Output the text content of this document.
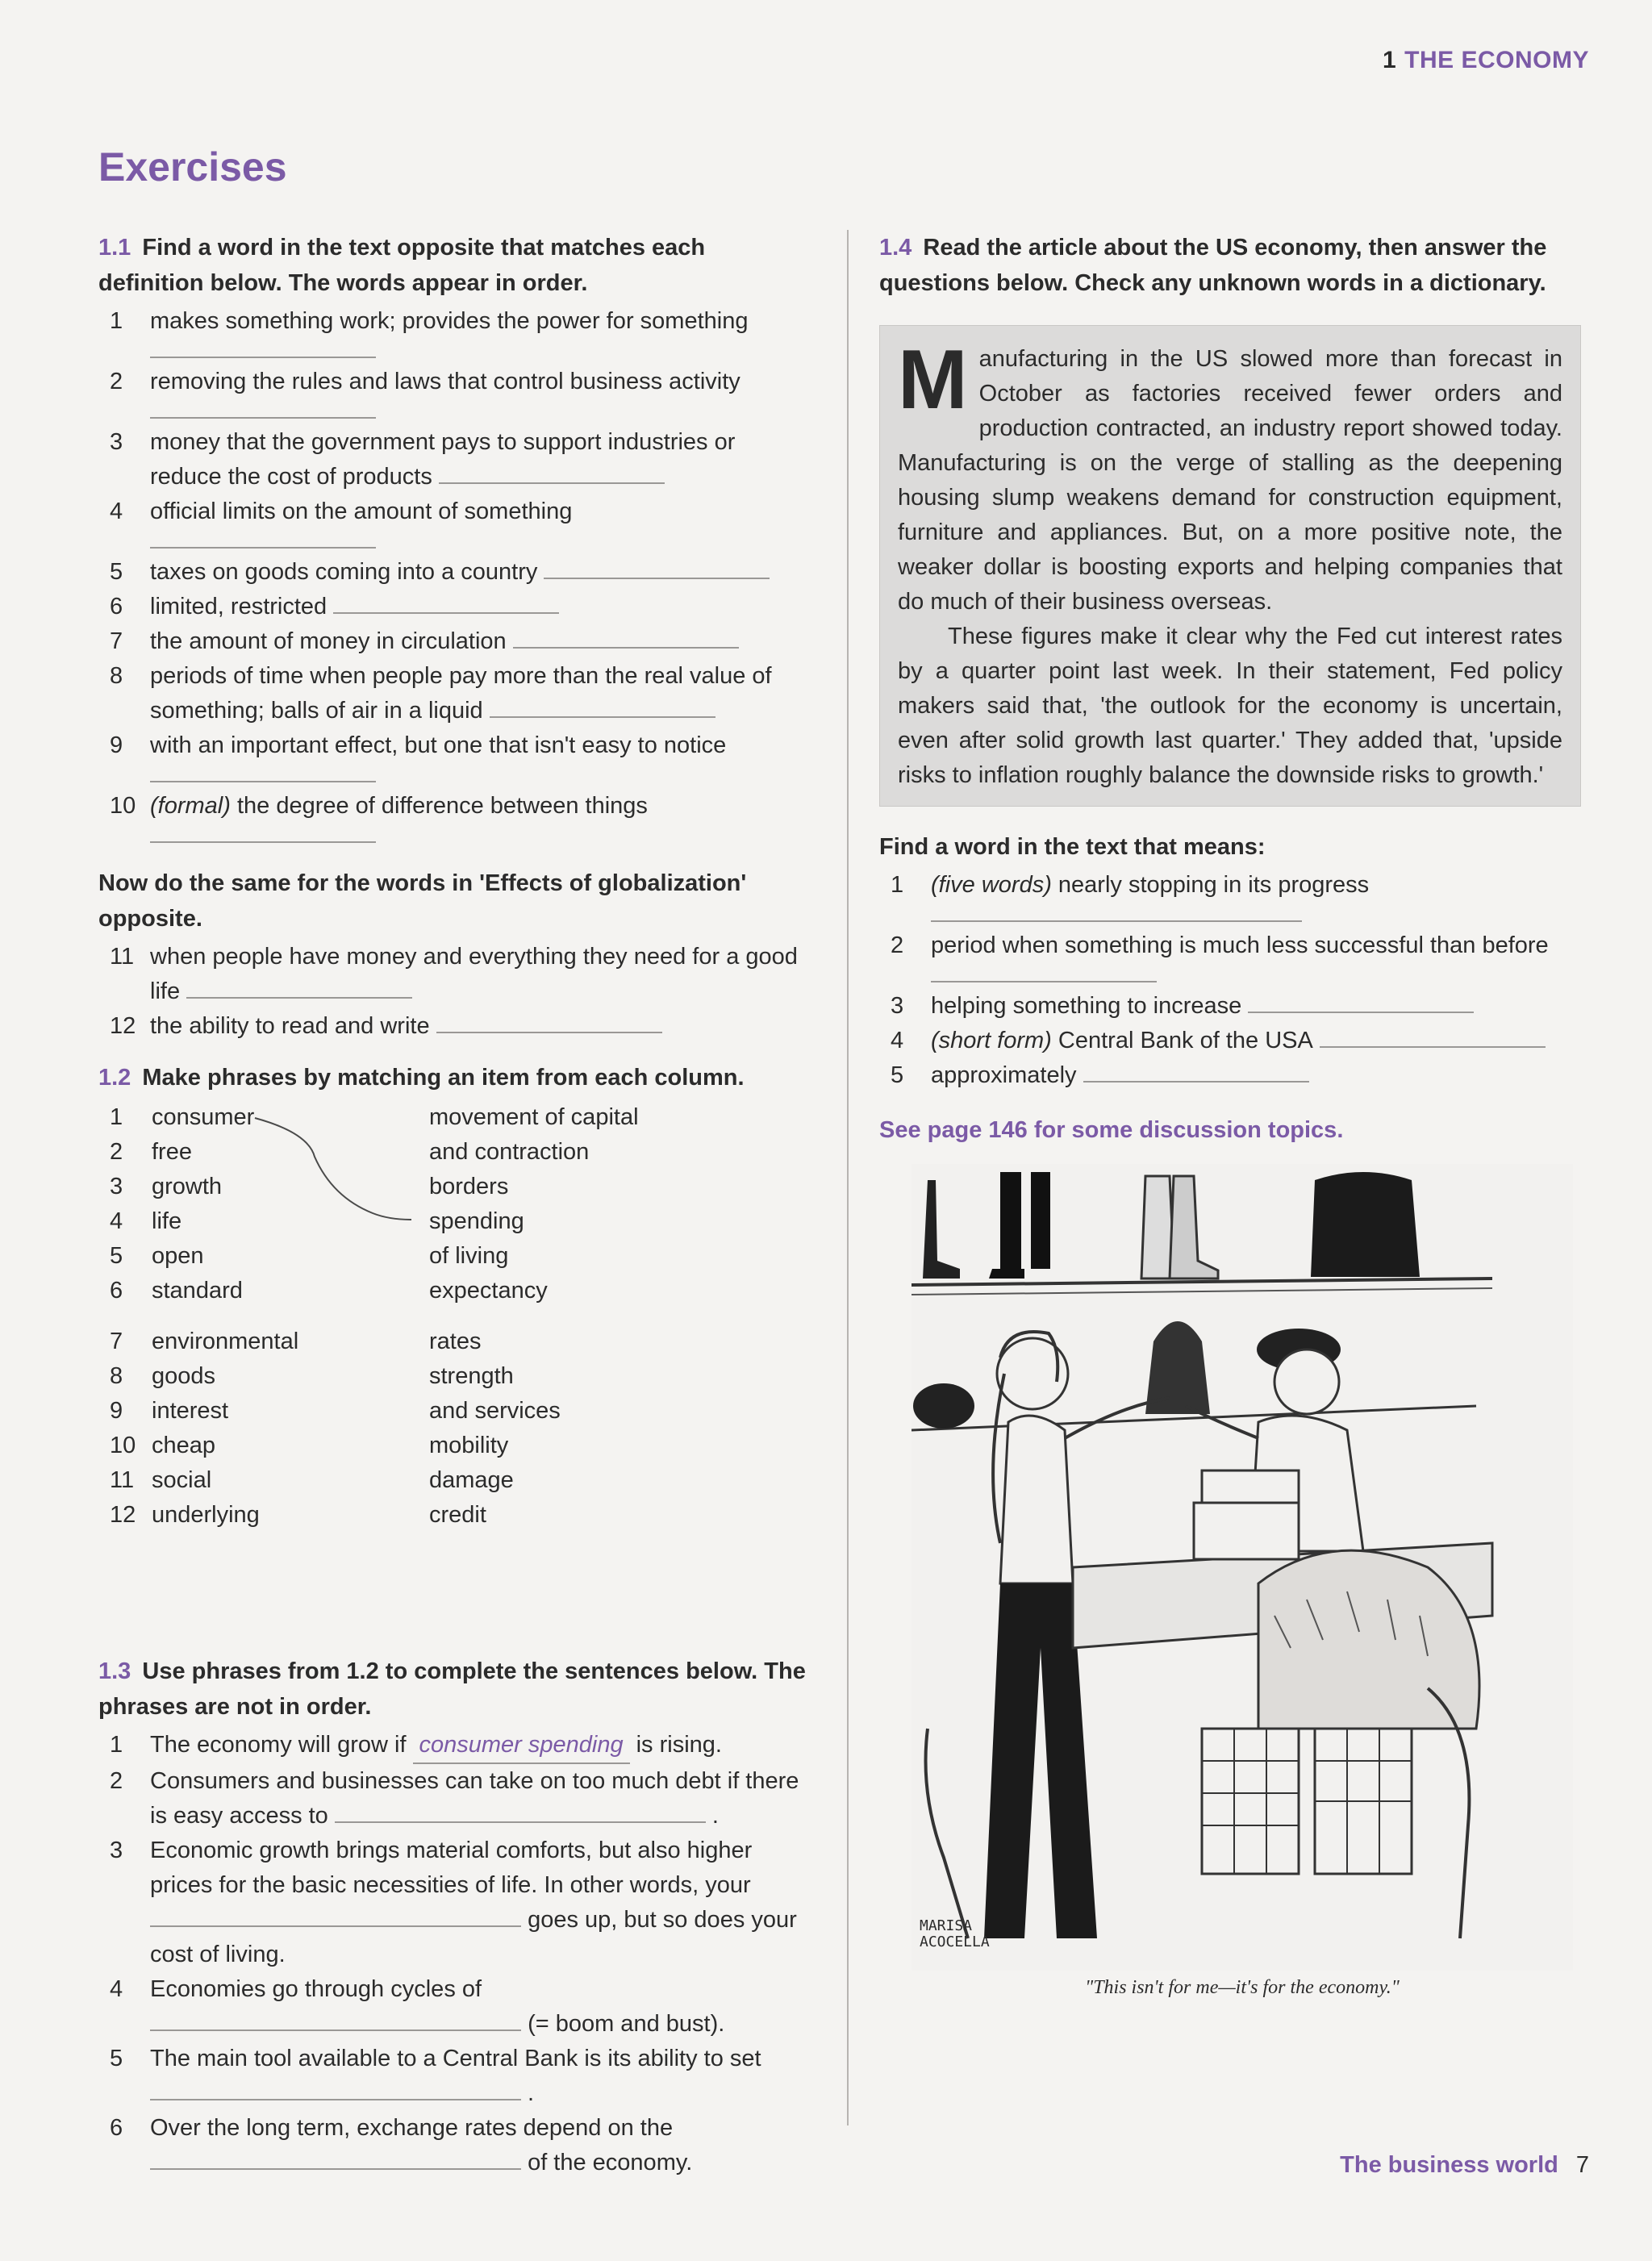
1 THE ECONOMY
Exercises
1.1 Find a word in the text opposite that matches each definition below. The words appear in order.
1	makes something work; provides the power for something
2	removing the rules and laws that control business activity
3	money that the government pays to support industries or reduce the cost of products
4	official limits on the amount of something
5	taxes on goods coming into a country
6	limited, restricted
7	the amount of money in circulation
8	periods of time when people pay more than the real value of something; balls of air in a liquid
9	with an important effect, but one that isn't easy to notice
10 (formal) the degree of difference between things
Now do the same for the words in 'Effects of globalization' opposite.
11 when people have money and everything they need for a good life
12 the ability to read and write
1.2 Make phrases by matching an item from each column.
1 consumer	movement of capital
2 free	and contraction
3 growth	borders
4 life	spending
5 open	of living
6 standard	expectancy
7 environmental	rates
8 goods	strength
9 interest	and services
10 cheap	mobility
11 social	damage
12 underlying	credit
1.3 Use phrases from 1.2 to complete the sentences below. The phrases are not in order.
1	The economy will grow if consumer spending is rising.
2	Consumers and businesses can take on too much debt if there is easy access to	.
3	Economic growth brings material comforts, but also higher prices for the basic necessities of life. In other words, your
goes up, but so does your cost of living.
4	Economies go through cycles of
(= boom and bust).
5	The main tool available to a Central Bank is its ability to set
.
6	Over the long term, exchange rates depend on the
of the economy.
1.4 Read the article about the US economy, then answer the questions below. Check any unknown words in a dictionary.

Manufacturing in the US slowed more than forecast in October as factories received fewer orders and production contracted, an industry report showed today. Manufacturing is on the verge of stalling as the deepening housing slump weakens demand for construction equipment, furniture and appliances. But, on a more positive note, the weaker dollar is boosting exports and helping companies that do much of their business overseas.

These figures make it clear why the Fed cut interest rates by a quarter point last week. In their statement, Fed policy makers said that, 'the outlook for the economy is uncertain, even after solid growth last quarter.' They added that, 'upside risks to inflation roughly balance the downside risks to growth.'

Find a word in the text that means:
1	(five words) nearly stopping in its progress
2	period when something is much less successful than before
3	helping something to increase
4	(short form) Central Bank of the USA
5	approximately
See page 146 for some discussion topics.
MARISA ACOCELLA
"This isn't for me—it's for the economy."
The business world 7
